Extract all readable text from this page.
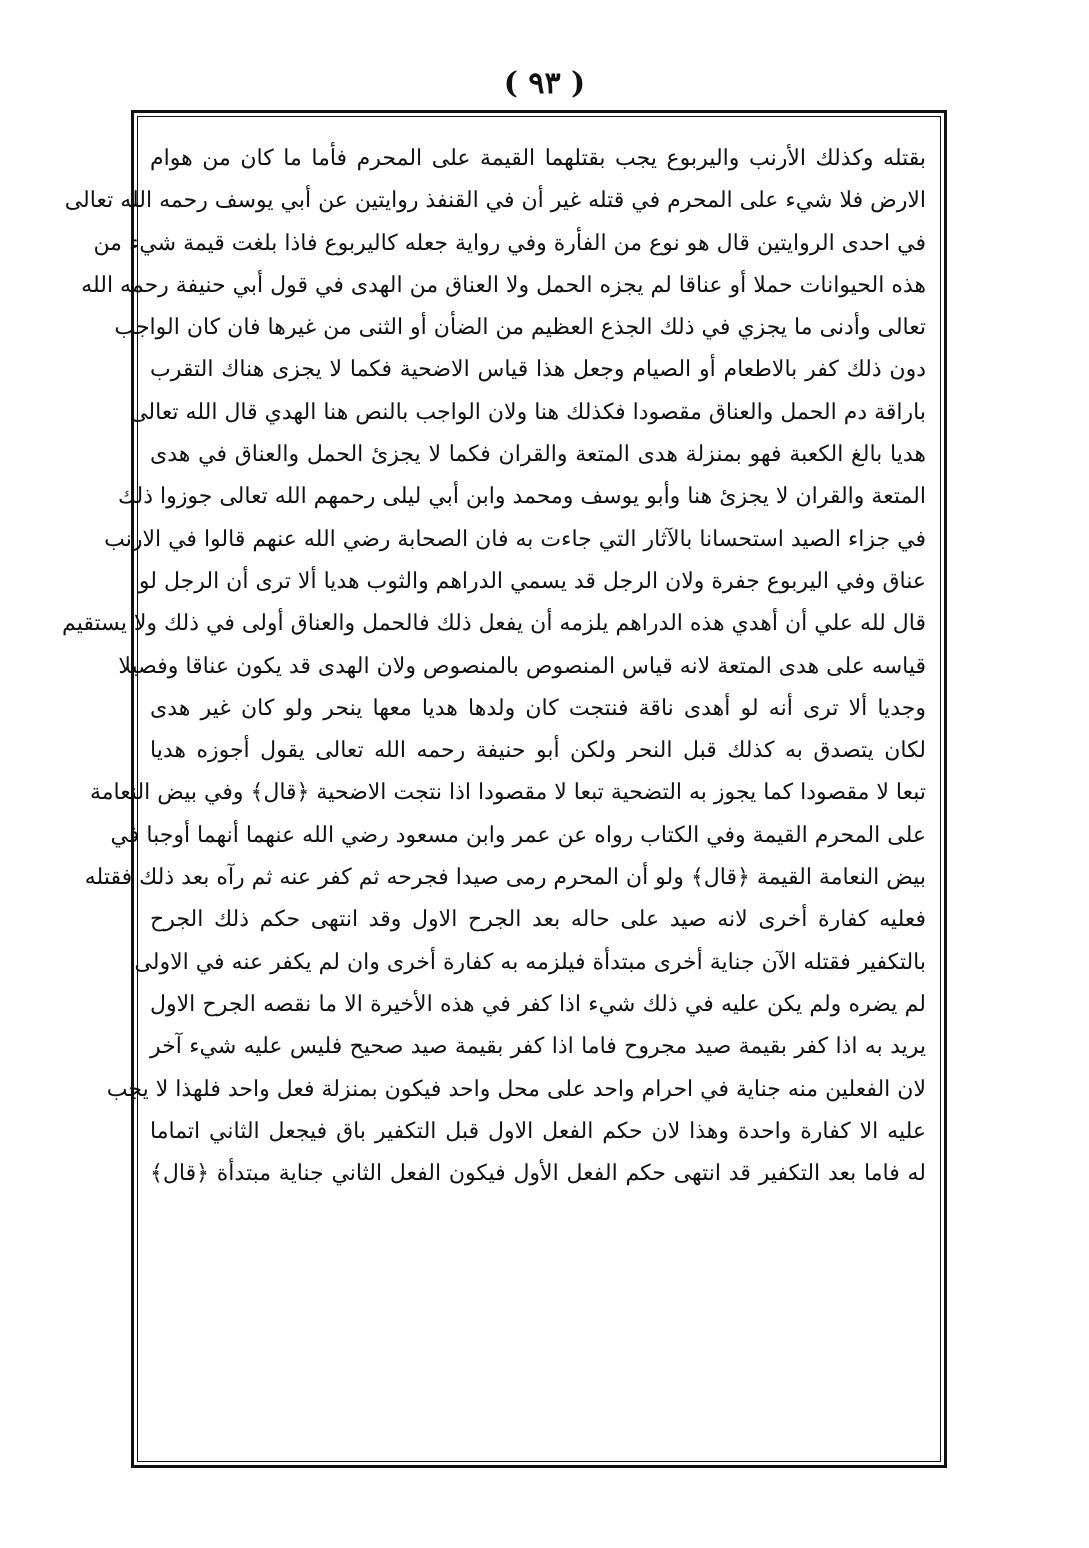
( ٩٣ )
بقتله وكذلك الأرنب واليربوع يجب بقتلهما القيمة على المحرم فأما ما كان من هوام
الارض فلا شيء على المحرم في قتله غير أن في القنفذ روايتين عن أبي يوسف رحمه الله تعالى
في احدى الروايتين قال هو نوع من الفأرة وفي رواية جعله كاليربوع فاذا بلغت قيمة شيء من
هذه الحيوانات حملا أو عناقا لم يجزه الحمل ولا العناق من الهدى في قول أبي حنيفة رحمه الله
تعالى وأدنى ما يجزي في ذلك الجذع العظيم من الضأن أو الثنى من غيرها فان كان الواجب
دون ذلك كفر بالاطعام أو الصيام وجعل هذا قياس الاضحية فكما لا يجزى هناك التقرب
باراقة دم الحمل والعناق مقصودا فكذلك هنا ولان الواجب بالنص هنا الهدي قال الله تعالى
هديا بالغ الكعبة فهو بمنزلة هدى المتعة والقران فكما لا يجزئ الحمل والعناق في هدى
المتعة والقران لا يجزئ هنا وأبو يوسف ومحمد وابن أبي ليلى رحمهم الله تعالى جوزوا ذلك
في جزاء الصيد استحسانا بالآثار التي جاءت به فان الصحابة رضي الله عنهم قالوا في الارنب
عناق وفي اليربوع جفرة ولان الرجل قد يسمي الدراهم والثوب هديا ألا ترى أن الرجل لو
قال لله علي أن أهدي هذه الدراهم يلزمه أن يفعل ذلك فالحمل والعناق أولى في ذلك ولا يستقيم
قياسه على هدى المتعة لانه قياس المنصوص بالمنصوص ولان الهدى قد يكون عناقا وفصيلا
وجديا ألا ترى أنه لو أهدى ناقة فنتجت كان ولدها هديا معها ينحر ولو كان غير هدى
لكان يتصدق به كذلك قبل النحر ولكن أبو حنيفة رحمه الله تعالى يقول أجوزه هديا
تبعا لا مقصودا كما يجوز به التضحية تبعا لا مقصودا اذا نتجت الاضحية ﴿قال﴾ وفي بيض النعامة
على المحرم القيمة وفي الكتاب رواه عن عمر وابن مسعود رضي الله عنهما أنهما أوجبا في
بيض النعامة القيمة ﴿قال﴾ ولو أن المحرم رمى صيدا فجرحه ثم كفر عنه ثم رآه بعد ذلك فقتله
فعليه كفارة أخرى لانه صيد على حاله بعد الجرح الاول وقد انتهى حكم ذلك الجرح
بالتكفير فقتله الآن جناية أخرى مبتدأة فيلزمه به كفارة أخرى وان لم يكفر عنه في الاولى
لم يضره ولم يكن عليه في ذلك شيء اذا كفر في هذه الأخيرة الا ما نقصه الجرح الاول
يريد به اذا كفر بقيمة صيد مجروح فاما اذا كفر بقيمة صيد صحيح فليس عليه شيء آخر
لان الفعلين منه جناية في احرام واحد على محل واحد فيكون بمنزلة فعل واحد فلهذا لا يجب
عليه الا كفارة واحدة وهذا لان حكم الفعل الاول قبل التكفير باق فيجعل الثاني اتماما
له فاما بعد التكفير قد انتهى حكم الفعل الأول فيكون الفعل الثاني جناية مبتدأة ﴿قال﴾
